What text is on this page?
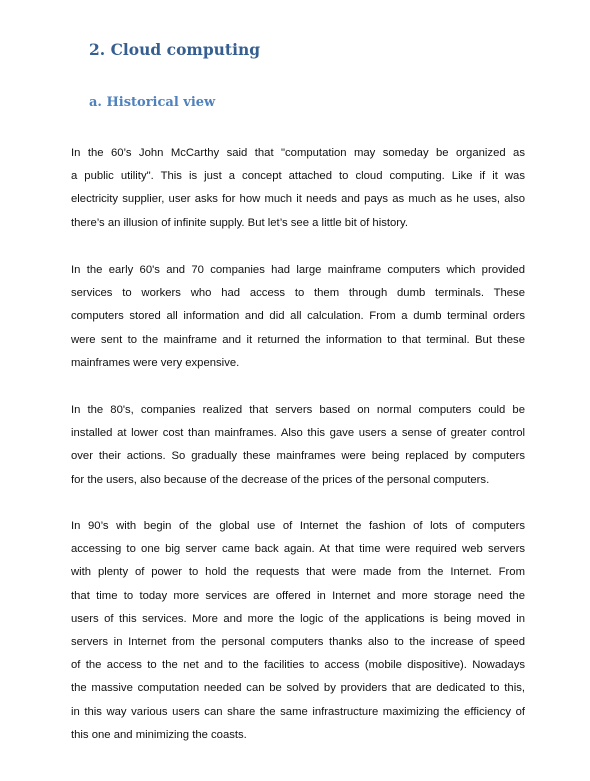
2. Cloud computing
a. Historical view
In the 60’s John McCarthy said that "computation may someday be organized as
a public utility". This is just a concept attached to cloud computing. Like if it was
electricity supplier, user asks for how much it needs and pays as much as he uses, also
there’s an illusion of infinite supply. But let’s see a little bit of history.
In the early 60's and 70 companies had large mainframe computers which provided
services to workers who had access to them through dumb terminals. These
computers stored all information and did all calculation. From a dumb terminal orders
were sent to the mainframe and it returned the information to that terminal. But these
mainframes were very expensive.
In the 80's, companies realized that servers based on normal computers could be
installed at lower cost than mainframes. Also this gave users a sense of greater control
over their actions. So gradually these mainframes were being replaced by computers
for the users, also because of the decrease of the prices of the personal computers.
In 90’s with begin of the global use of Internet the fashion of lots of computers
accessing to one big server came back again. At that time were required web servers
with plenty of power to hold the requests that were made from the Internet. From
that time to today more services are offered in Internet and more storage need the
users of this services. More and more the logic of the applications is being moved in
servers in Internet from the personal computers thanks also to the increase of speed
of the access to the net and to the facilities to access (mobile dispositive). Nowadays
the massive computation needed can be solved by providers that are dedicated to this,
in this way various users can share the same infrastructure maximizing the efficiency of
this one and minimizing the coasts.
